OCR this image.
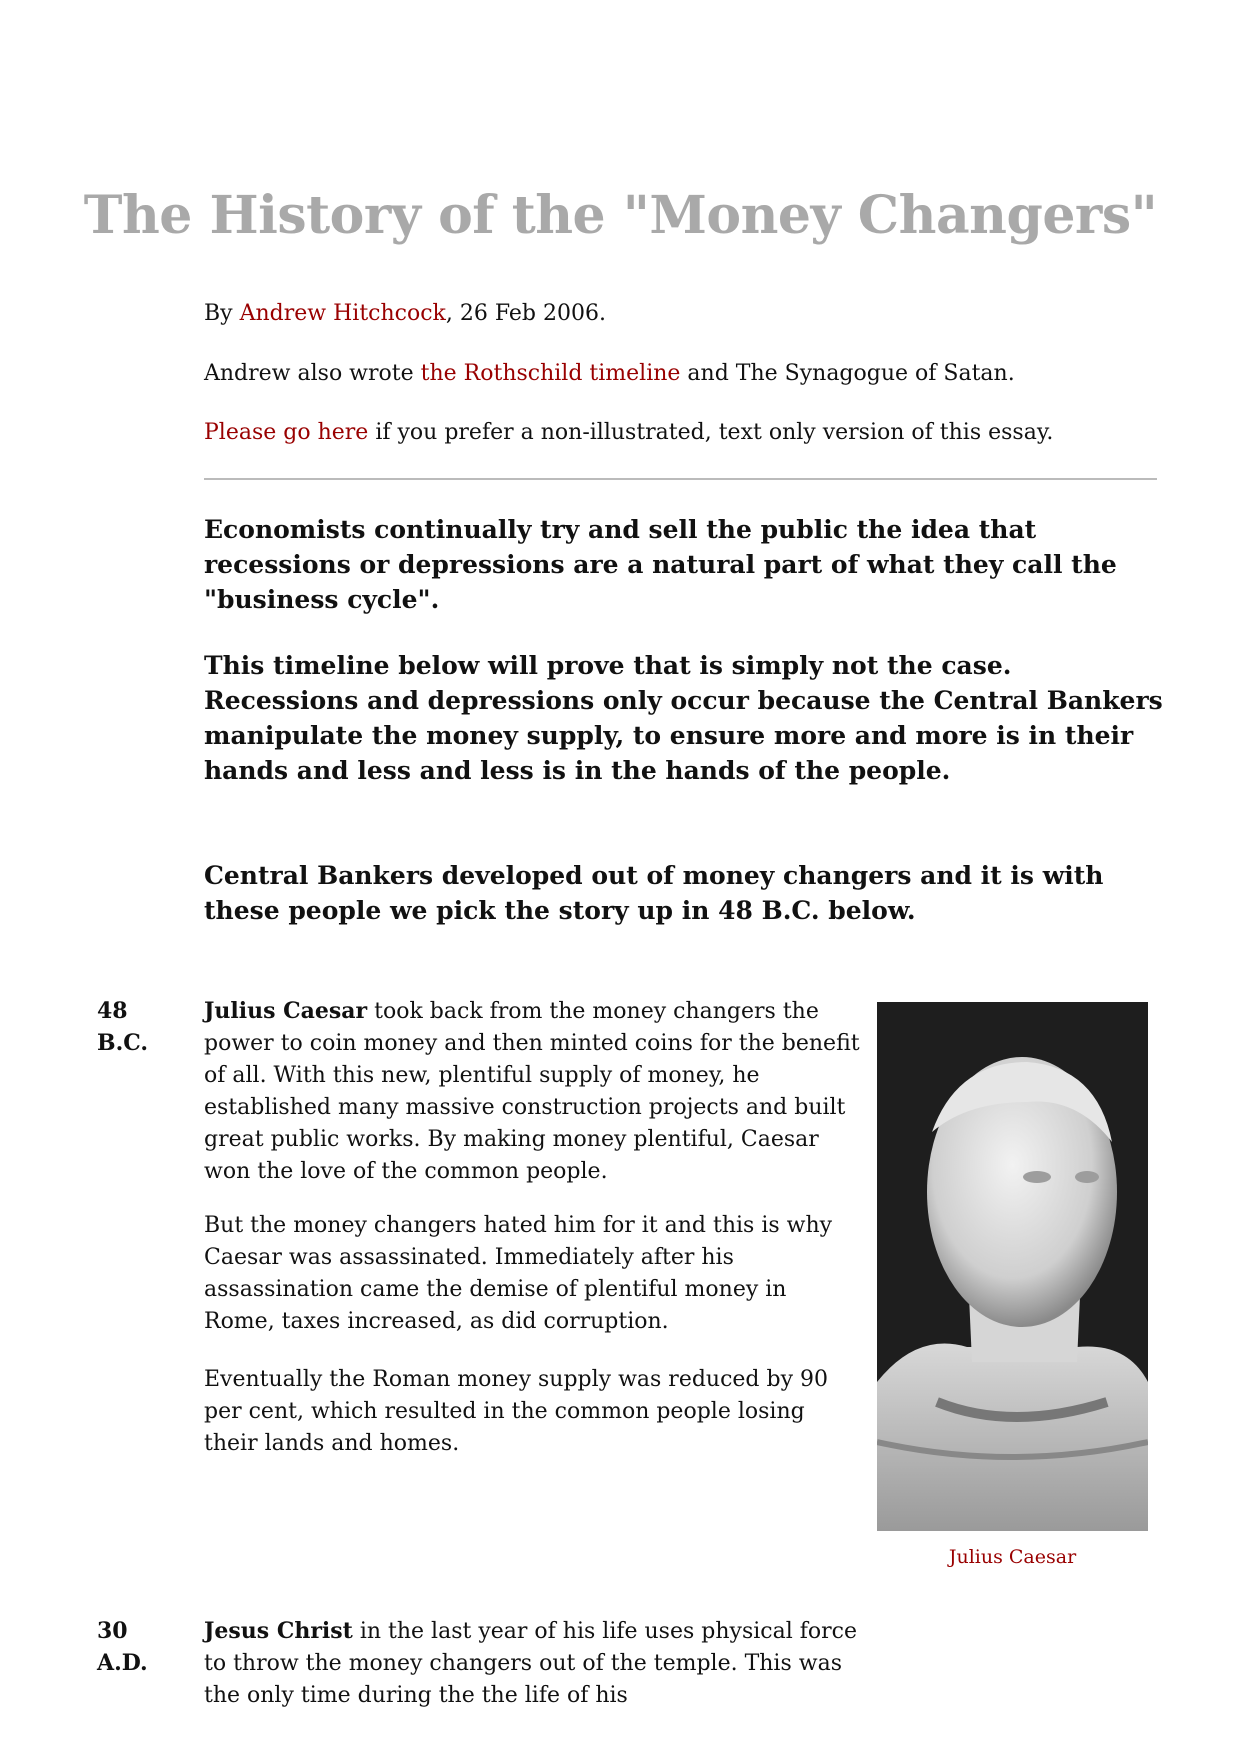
The History of the "Money Changers"

By Andrew Hitchcock, 26 Feb 2006.

Andrew also wrote the Rothschild timeline and The Synagogue of Satan.

Please go here if you prefer a non-illustrated, text only version of this essay.

Economists continually try and sell the public the idea that recessions or depressions are a natural part of what they call the "business cycle".

This timeline below will prove that is simply not the case. Recessions and depressions only occur because the Central Bankers manipulate the money supply, to ensure more and more is in their hands and less and less is in the hands of the people.

Central Bankers developed out of money changers and it is with these people we pick the story up in 48 B.C. below.

48
B.C.

Julius Caesar took back from the money changers the power to coin money and then minted coins for the benefit of all. With this new, plentiful supply of money, he established many massive construction projects and built great public works. By making money plentiful, Caesar won the love of the common people.

But the money changers hated him for it and this is why Caesar was assassinated. Immediately after his assassination came the demise of plentiful money in Rome, taxes increased, as did corruption.

Eventually the Roman money supply was reduced by 90 per cent, which resulted in the common people losing their lands and homes.

Julius Caesar
30
A.D.

Jesus Christ in the last year of his life uses physical force to throw the money changers out of the temple. This was the only time during the the life of his
